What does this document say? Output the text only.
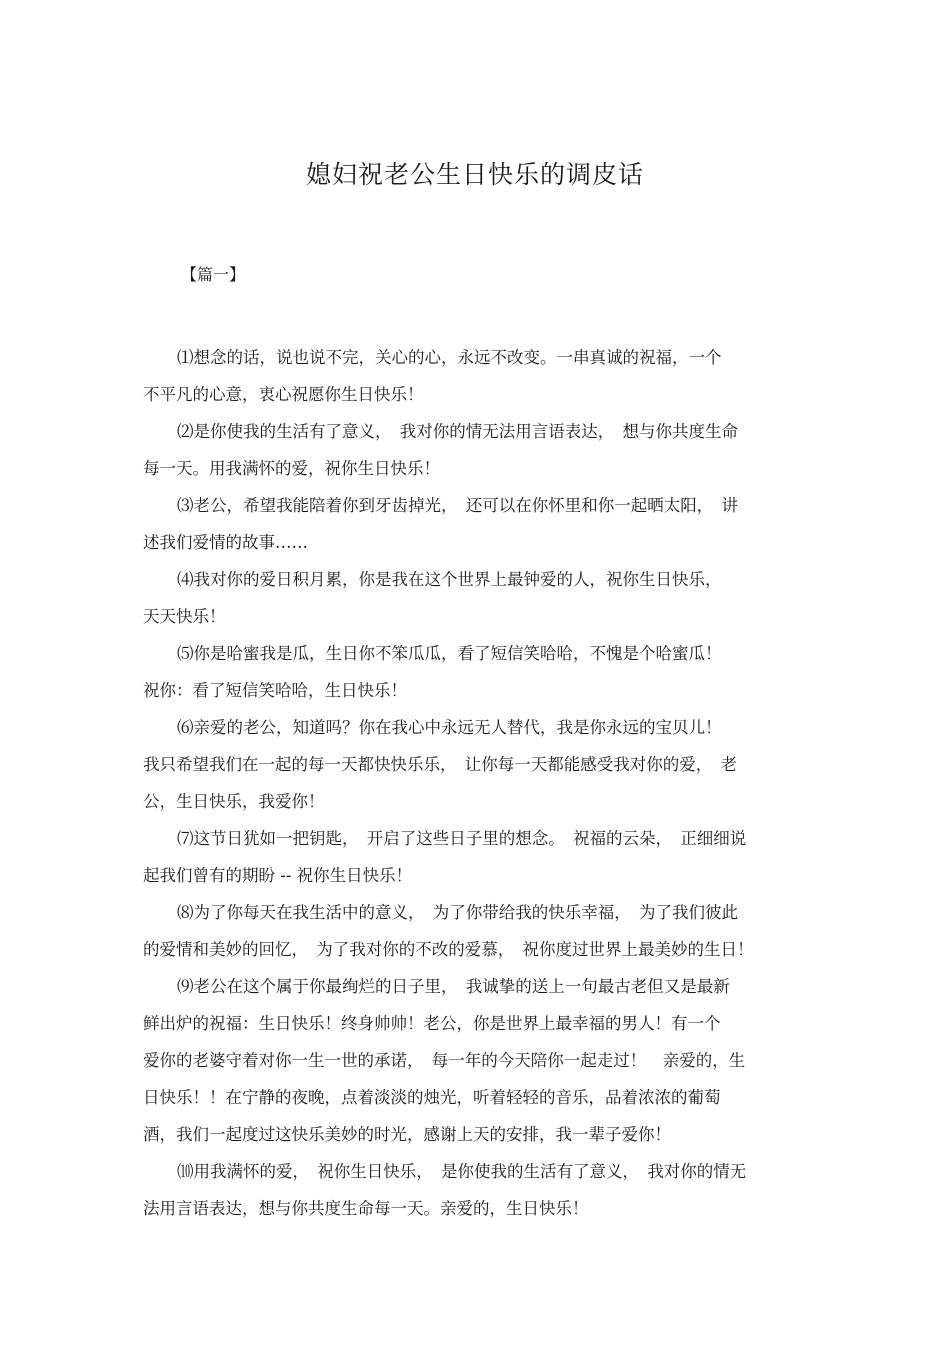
媳妇祝老公生日快乐的调皮话
【篇一】

⑴想念的话，说也说不完，关心的心，永远不改变。一串真诚的祝福，一个
不平凡的心意，衷心祝愿你生日快乐！

⑵是你使我的生活有了意义，　我对你的情无法用言语表达，　想与你共度生命
每一天。用我满怀的爱，祝你生日快乐！

⑶老公，希望我能陪着你到牙齿掉光，　还可以在你怀里和你一起晒太阳，　讲
述我们爱情的故事……

⑷我对你的爱日积月累，你是我在这个世界上最钟爱的人，祝你生日快乐，
天天快乐！

⑸你是哈蜜我是瓜，生日你不笨瓜瓜，看了短信笑哈哈，不愧是个哈蜜瓜！
祝你：看了短信笑哈哈，生日快乐！

⑹亲爱的老公，知道吗？你在我心中永远无人替代，我是你永远的宝贝儿！
我只希望我们在一起的每一天都快快乐乐，　让你每一天都能感受我对你的爱，　老
公，生日快乐，我爱你！

⑺这节日犹如一把钥匙，　开启了这些日子里的想念。　祝福的云朵，　正细细说
起我们曾有的期盼 -- 祝你生日快乐！

⑻为了你每天在我生活中的意义，　为了你带给我的快乐幸福，　为了我们彼此
的爱情和美妙的回忆，　为了我对你的不改的爱慕，　祝你度过世界上最美妙的生日！

⑼老公在这个属于你最绚烂的日子里，　我诚挚的送上一句最古老但又是最新
鲜出炉的祝福：生日快乐！终身帅帅！老公，你是世界上最幸福的男人！有一个
爱你的老婆守着对你一生一世的承诺，　每一年的今天陪你一起走过！　亲爱的，生
日快乐！！在宁静的夜晚，点着淡淡的烛光，听着轻轻的音乐，品着浓浓的葡萄
酒，我们一起度过这快乐美妙的时光，感谢上天的安排，我一辈子爱你！

⑽用我满怀的爱，　祝你生日快乐，　是你使我的生活有了意义，　我对你的情无
法用言语表达，想与你共度生命每一天。亲爱的，生日快乐！
